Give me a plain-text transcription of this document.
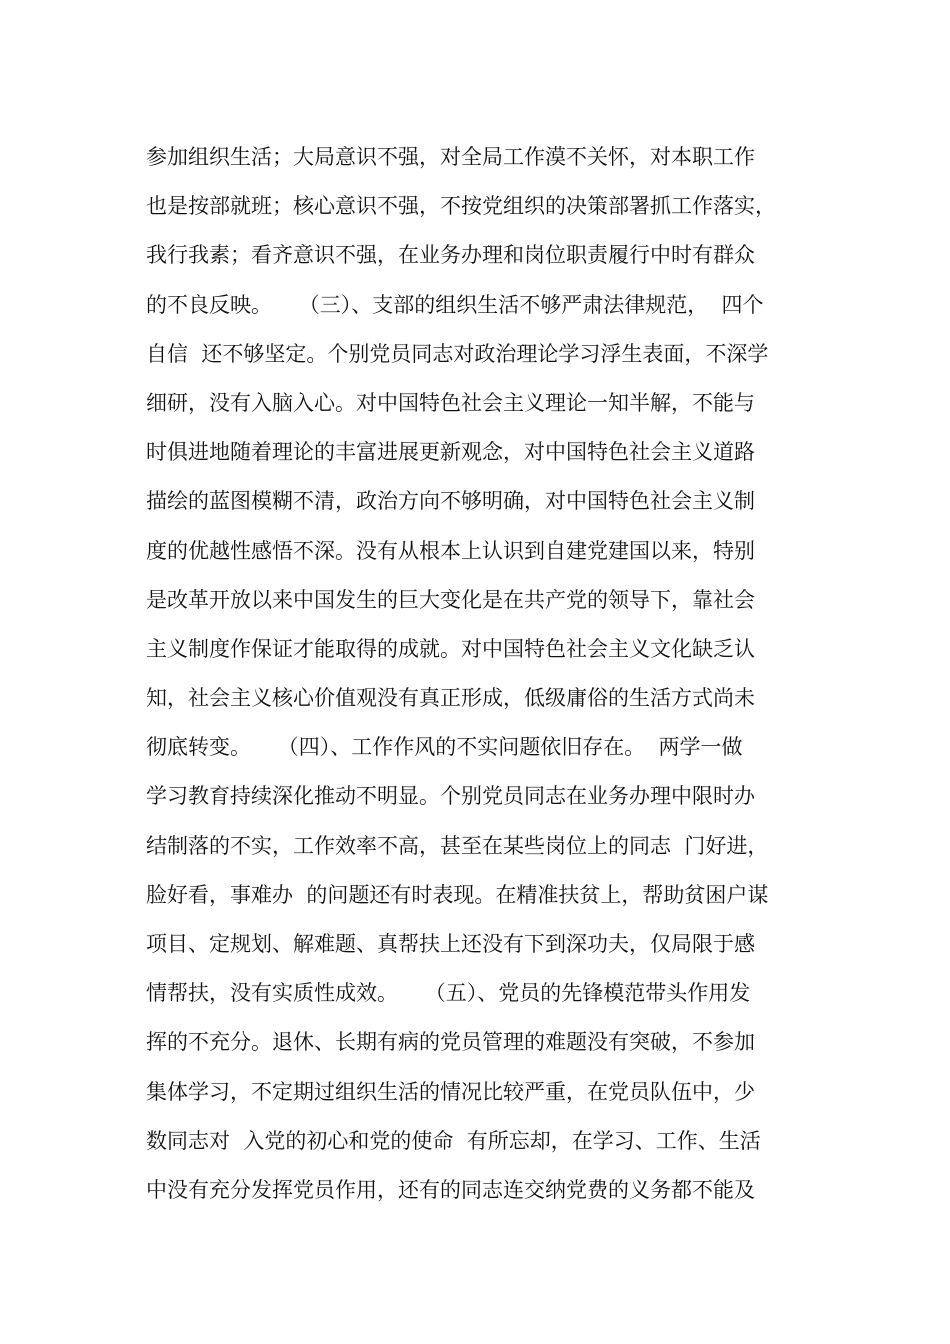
参加组织生活；大局意识不强，对全局工作漠不关怀，对本职工作
也是按部就班；核心意识不强，不按党组织的决策部署抓工作落实，
我行我素；看齐意识不强，在业务办理和岗位职责履行中时有群众
的不良反映。    （三）、支部的组织生活不够严肃法律规范，  四个
自信  还不够坚定。个别党员同志对政治理论学习浮生表面，不深学
细研，没有入脑入心。对中国特色社会主义理论一知半解，不能与
时俱进地随着理论的丰富进展更新观念，对中国特色社会主义道路
描绘的蓝图模糊不清，政治方向不够明确，对中国特色社会主义制
度的优越性感悟不深。没有从根本上认识到自建党建国以来，特别
是改革开放以来中国发生的巨大变化是在共产党的领导下，靠社会
主义制度作保证才能取得的成就。对中国特色社会主义文化缺乏认
知，社会主义核心价值观没有真正形成，低级庸俗的生活方式尚未
彻底转变。    （四）、工作作风的不实问题依旧存在。  两学一做
学习教育持续深化推动不明显。个别党员同志在业务办理中限时办
结制落的不实，工作效率不高，甚至在某些岗位上的同志  门好进，
脸好看，事难办  的问题还有时表现。在精准扶贫上，帮助贫困户谋
项目、定规划、解难题、真帮扶上还没有下到深功夫，仅局限于感
情帮扶，没有实质性成效。    （五）、党员的先锋模范带头作用发
挥的不充分。退休、长期有病的党员管理的难题没有突破，不参加
集体学习，不定期过组织生活的情况比较严重，在党员队伍中，少
数同志对  入党的初心和党的使命  有所忘却，在学习、工作、生活
中没有充分发挥党员作用，还有的同志连交纳党费的义务都不能及
